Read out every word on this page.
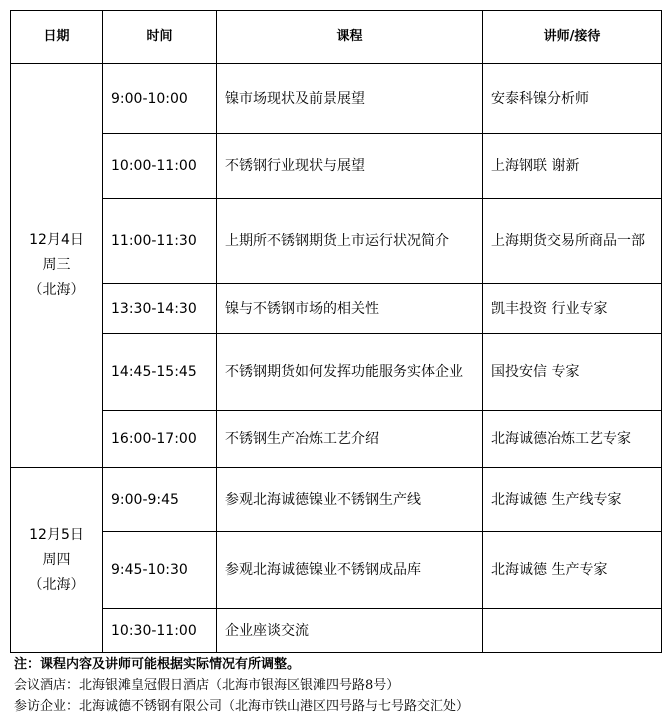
日期	时间	课程	讲师/接待

12月4日
周三
（北海）	9:00-10:00	镍市场现状及前景展望	安泰科镍分析师
	10:00-11:00	不锈钢行业现状与展望	上海钢联 谢新
	11:00-11:30	上期所不锈钢期货上市运行状况简介	上海期货交易所商品一部
	13:30-14:30	镍与不锈钢市场的相关性	凯丰投资 行业专家
	14:45-15:45	不锈钢期货如何发挥功能服务实体企业	国投安信 专家
	16:00-17:00	不锈钢生产冶炼工艺介绍	北海诚德冶炼工艺专家

12月5日
周四
（北海）	9:00-9:45	参观北海诚德镍业不锈钢生产线	北海诚德 生产线专家
	9:45-10:30	参观北海诚德镍业不锈钢成品库	北海诚德 生产专家
	10:30-11:00	企业座谈交流	
注：课程内容及讲师可能根据实际情况有所调整。
会议酒店：北海银滩皇冠假日酒店（北海市银海区银滩四号路8号）
参访企业：北海诚德不锈钢有限公司（北海市铁山港区四号路与七号路交汇处）
